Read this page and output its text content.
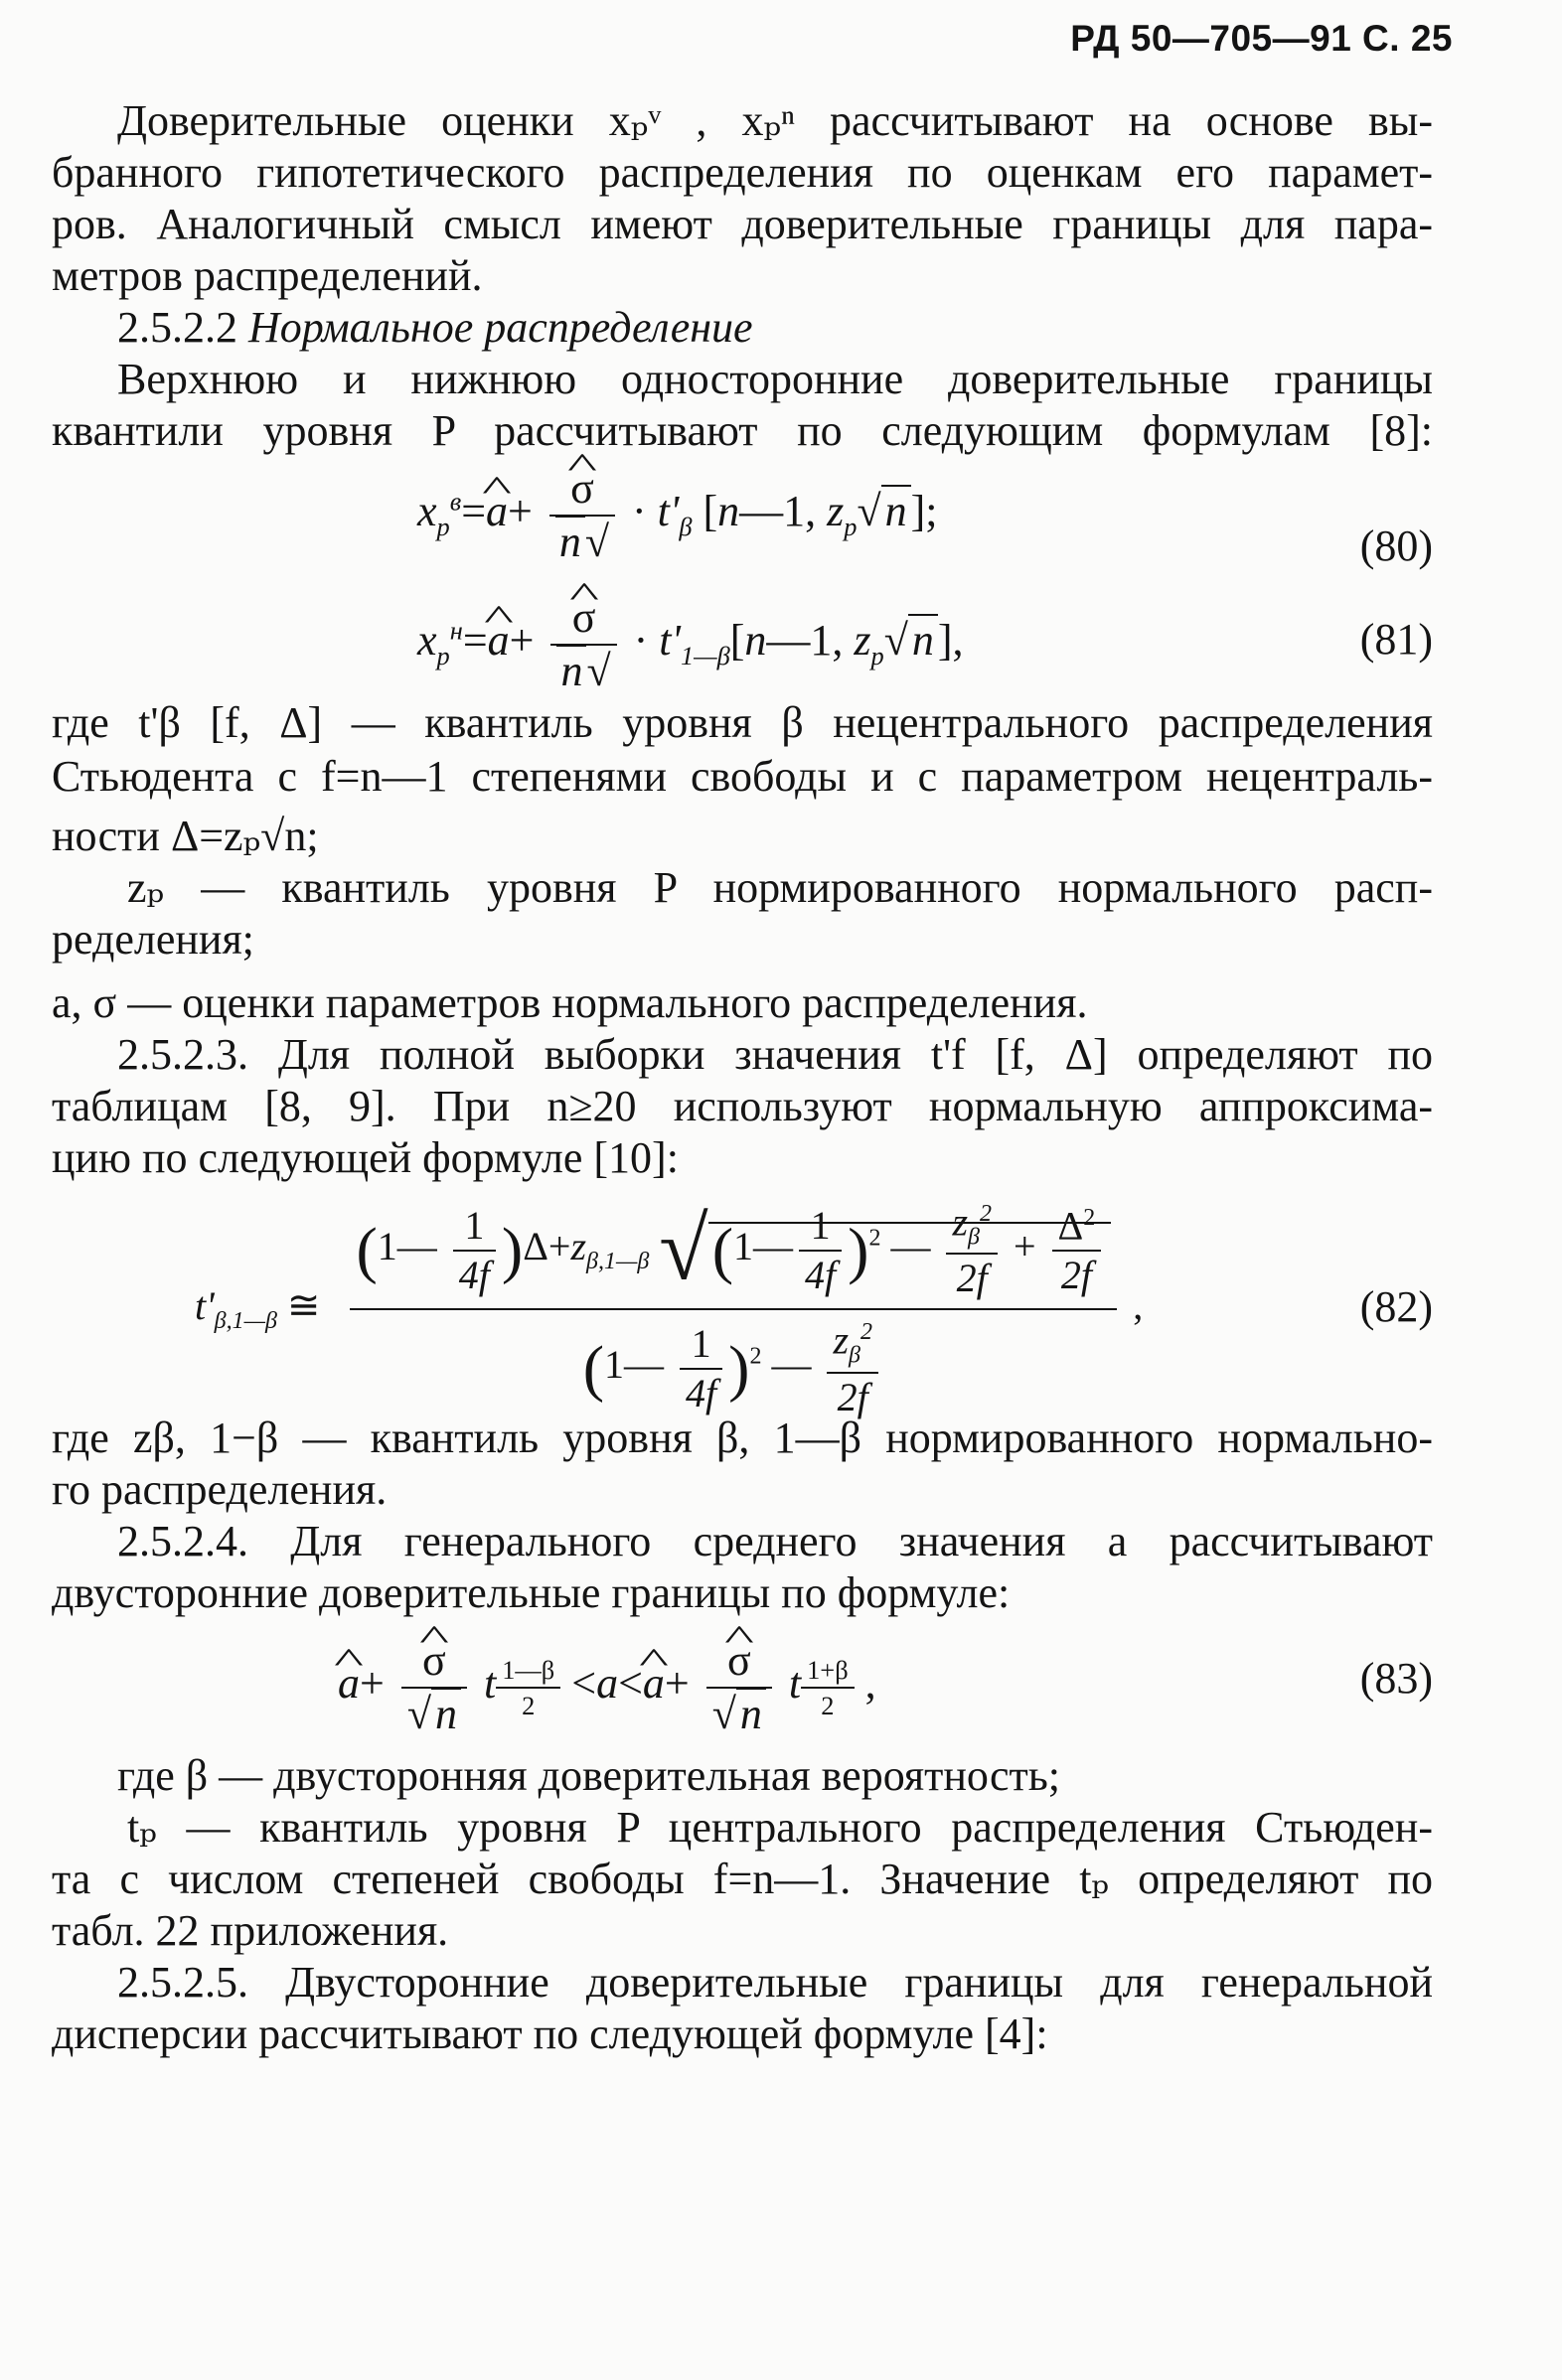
РД 50—705—91 С. 25
Доверительные оценки xₚᵛ , xₚⁿ рассчитывают на основе вы-
бранного гипотетического распределения по оценкам его парамет-
ров. Аналогичный смысл имеют доверительные границы для пара-
метров распределений.
2.5.2.2 Нормальное распределение
Верхнюю и нижнюю односторонние доверительные границы
квантили уровня P рассчитывают по следующим формулам [8]:
$x_p^в=\^{}$ a+ ^ $\frac{\sigma}{n√} \cdot t'_\beta$ [n—1, $z_p√n$];
(80)
$x_p^н=\^{}$ a+ ^ $\frac{\sigma}{n√}$ · $t'_{1—\beta}[n—1$, $z_p√n$],	(81)
где t'β [f, Δ] — квантиль уровня β нецентрального распределения
Стьюдента с f=n—1 степенями свободы и с параметром нецентраль-
ности Δ=zₚ√n;
zₚ — квантиль уровня P нормированного нормального расп-
ределения;
a, σ — оценки параметров нормального распределения.
2.5.2.3. Для полной выборки значения t'f [f, Δ] определяют по
таблицам [8, 9]. При n≥20 используют нормальную аппроксима-
цию по следующей формуле [10]:
$t'_{\beta,1—\beta}$ ≅ $\frac{(1— \frac{1}{4f} )\Delta+z_{\beta,1—\beta} √(1— \frac{1}{4f} )^2 — \frac{z_\beta^2}{2f} + \frac{\Delta^2}{2f}}{(1— \frac{1}{4f} )^2 — \frac{z_\beta^2}{2f}}$ ,	(82)
где zβ, 1−β — квантиль уровня β, 1—β нормированного нормально-
го распределения.
2.5.2.4. Для генерального среднего значения a рассчитывают
двусторонние доверительные границы по формуле:
^ a+ ^ $\frac{\sigma}{√n}$ t $\frac{1—\beta}{2}$ <a<^ a+ ^ $\frac{\sigma}{√n}$ t $\frac{1+\beta}{2}$ ,	(83)
где β — двусторонняя доверительная вероятность;
tₚ — квантиль уровня P центрального распределения Стьюден-
та с числом степеней свободы f=n—1. Значение tₚ определяют по
табл. 22 приложения.
2.5.2.5. Двусторонние доверительные границы для генеральной
дисперсии рассчитывают по следующей формуле [4]:
